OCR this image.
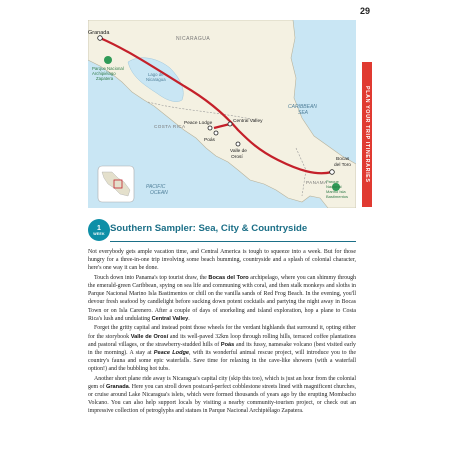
29
PLAN YOUR TRIP ITINERARIES
Granada
Parque Nacional Archipiélago Zapatera
NICARAGUA
Lago de Nicaragua
CARIBBEAN SEA
COSTA RICA
Peace Lodge
Poás
Central Valley
Valle de Orosí	Bocas del Toro
PANAMA
Parque Nacional Marino Isla Bastimentos
PACIFIC OCEAN
1
WEEK Southern Sampler: Sea, City & Countryside

Not everybody gets ample vacation time, and Central America is tough to squeeze into a week. But for those hungry for a three-in-one trip involving some beach bumming, countryside and a splash of colonial character, here's one way it can be done.

Touch down into Panama's top tourist draw, the Bocas del Toro archipelago, where you can shimmy through the emerald-green Caribbean, spying on sea life and communing with coral, and then stalk monkeys and sloths in Parque Nacional Marino Isla Bastimentos or chill on the vanilla sands of Red Frog Beach. In the evening, you'll devour fresh seafood by candlelight before sucking down potent cocktails and partying the night away in Bocas Town or on Isla Carenero. After a couple of days of snorkeling and island exploration, hop a plane to Costa Rica's lush and undulating Central Valley.

Forget the gritty capital and instead point those wheels for the verdant highlands that surround it, opting either for the storybook Valle de Orosí and its well-paved 32km loop through rolling hills, terraced coffee plantations and pastoral villages, or the strawberry-studded hills of Poás and its fussy, namesake volcano (best visited early in the morning). A stay at Peace Lodge, with its wonderful animal rescue project, will introduce you to the country's fauna and some epic waterfalls. Save time for relaxing in the cave-like showers (with a waterfall option!) and the bubbling hot tubs.

Another short plane ride away is Nicaragua's capital city (skip this too), which is just an hour from the colonial gem of Granada. Here you can stroll down postcard-perfect cobblestone streets lined with magnificent churches, or cruise around Lake Nicaragua's islets, which were formed thousands of years ago by the erupting Mombacho Volcano. You can also help support locals by visiting a nearby community-tourism project, or check out an impressive collection of petroglyphs and statues in Parque Nacional Archipiélago Zapatera.
